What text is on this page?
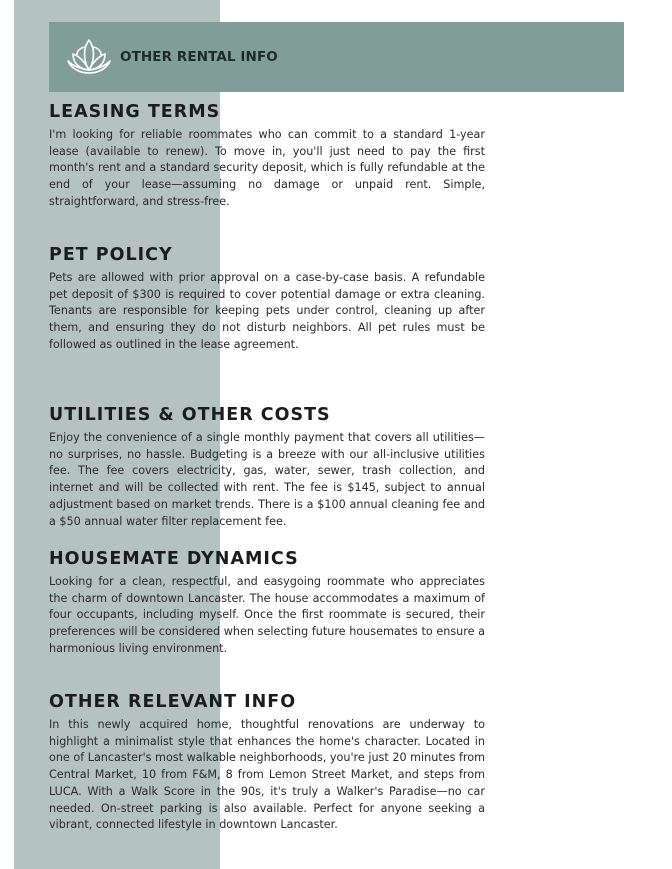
OTHER RENTAL INFO
LEASING TERMS

I'm looking for reliable roommates who can commit to a standard 1-year lease (available to renew). To move in, you'll just need to pay the first month's rent and a standard security deposit, which is fully refundable at the end of your lease—assuming no damage or unpaid rent. Simple, straightforward, and stress-free.

PET POLICY

Pets are allowed with prior approval on a case-by-case basis. A refundable pet deposit of $300 is required to cover potential damage or extra cleaning. Tenants are responsible for keeping pets under control, cleaning up after them, and ensuring they do not disturb neighbors. All pet rules must be followed as outlined in the lease agreement.

UTILITIES & OTHER COSTS

Enjoy the convenience of a single monthly payment that covers all utilities—no surprises, no hassle. Budgeting is a breeze with our all-inclusive utilities fee. The fee covers electricity, gas, water, sewer, trash collection, and internet and will be collected with rent. The fee is $145, subject to annual adjustment based on market trends. There is a $100 annual cleaning fee and a $50 annual water filter replacement fee.

HOUSEMATE DYNAMICS

Looking for a clean, respectful, and easygoing roommate who appreciates the charm of downtown Lancaster. The house accommodates a maximum of four occupants, including myself. Once the first roommate is secured, their preferences will be considered when selecting future housemates to ensure a harmonious living environment.

OTHER RELEVANT INFO

In this newly acquired home, thoughtful renovations are underway to highlight a minimalist style that enhances the home's character. Located in one of Lancaster's most walkable neighborhoods, you're just 20 minutes from Central Market, 10 from F&M, 8 from Lemon Street Market, and steps from LUCA. With a Walk Score in the 90s, it's truly a Walker's Paradise—no car needed. On-street parking is also available. Perfect for anyone seeking a vibrant, connected lifestyle in downtown Lancaster.
